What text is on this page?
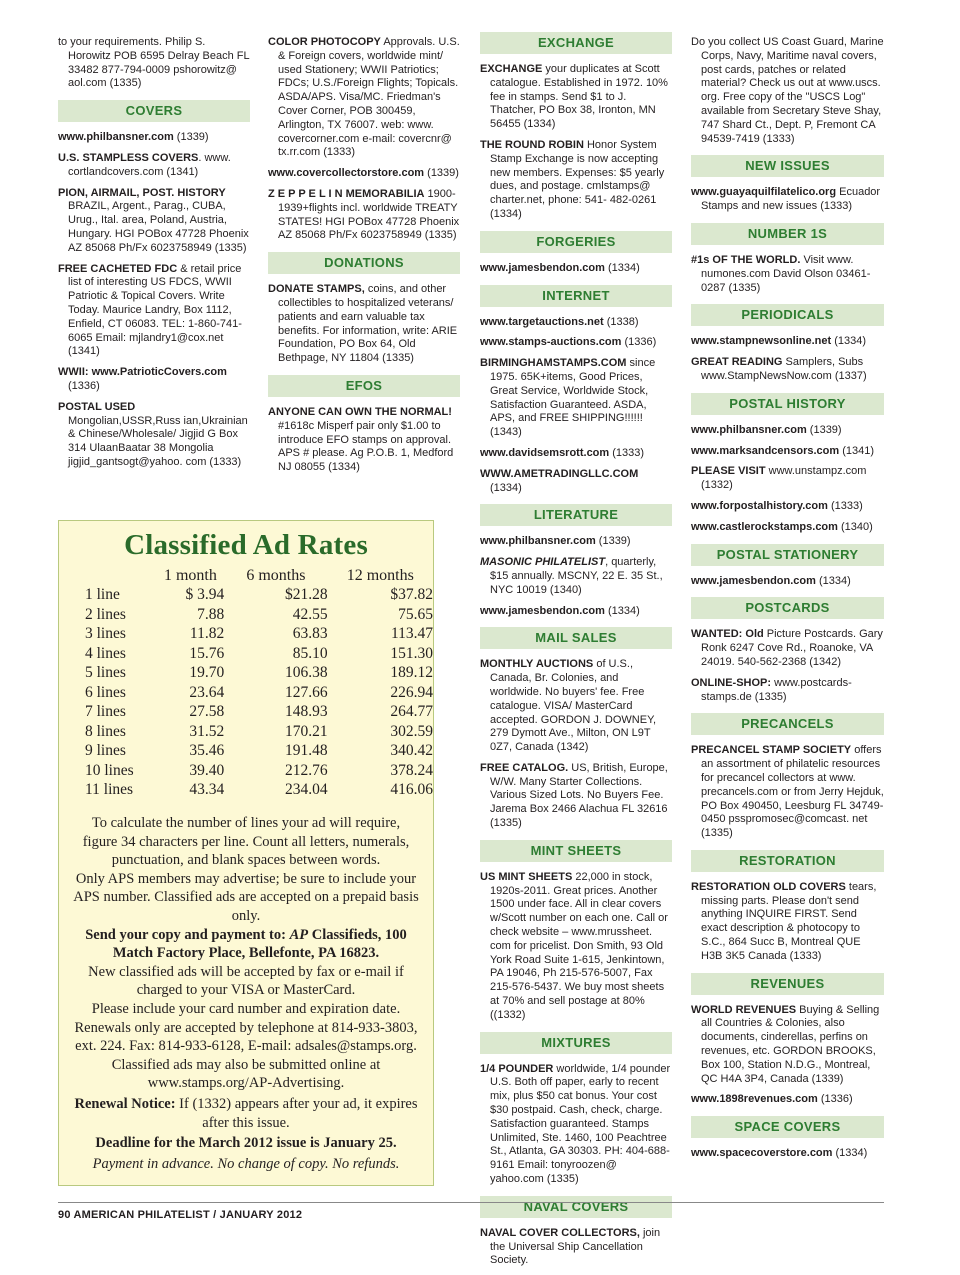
to your requirements. Philip S. Horowitz POB 6595 Delray Beach FL 33482 877-794-0009 pshorowitz@ aol.com (1335)

COVERS

www.philbansner.com (1339)

U.S. STAMPLESS COVERS. www. cortlandcovers.com (1341)

PION, AIRMAIL, POST. HISTORY BRAZIL, Argent., Parag., CUBA, Urug., Ital. area, Poland, Austria, Hungary. HGI POBox 47728 Phoenix AZ 85068 Ph/Fx 6023758949 (1335)

FREE CACHETED FDC & retail price list of interesting US FDCS, WWII Patriotic & Topical Covers. Write Today. Maurice Landry, Box 1112, Enfield, CT 06083. TEL: 1-860-741-6065 Email: mjlandry1@cox.net (1341)

WWII: www.PatrioticCovers.com (1336)

POSTAL USED Mongolian,USSR,Russ ian,Ukrainian & Chinese/Wholesale/ Jigjid G Box 314 UlaanBaatar 38 Mongolia jigjid_gantsogt@yahoo. com (1333)

COLOR PHOTOCOPY Approvals. U.S. & Foreign covers, worldwide mint/ used Stationery; WWII Patriotics; FDCs; U.S./Foreign Flights; Topicals. ASDA/APS. Visa/MC. Friedman's Cover Corner, POB 300459, Arlington, TX 76007. web: www. covercorner.com e-mail: covercnr@ tx.rr.com (1333)

www.covercollectorstore.com (1339)

Z E P P E L I N MEMORABILIA 1900-1939+flights incl. worldwide TREATY STATES! HGI POBox 47728 Phoenix AZ 85068 Ph/Fx 6023758949 (1335)

DONATIONS

DONATE STAMPS, coins, and other collectibles to hospitalized veterans/ patients and earn valuable tax benefits. For information, write: ARIE Foundation, PO Box 64, Old Bethpage, NY 11804 (1335)

EFOS

ANYONE CAN OWN THE NORMAL! #1618c Misperf pair only $1.00 to introduce EFO stamps on approval. APS # please. Ag P.O.B. 1, Medford NJ 08055 (1334)

EXCHANGE

EXCHANGE your duplicates at Scott catalogue. Established in 1972. 10% fee in stamps. Send $1 to J. Thatcher, PO Box 38, Ironton, MN 56455 (1334)

THE ROUND ROBIN Honor System Stamp Exchange is now accepting new members. Expenses: $5 yearly dues, and postage. cmlstamps@ charter.net, phone: 541- 482-0261 (1334)

FORGERIES

www.jamesbendon.com (1334)

INTERNET

www.targetauctions.net (1338)

www.stamps-auctions.com (1336)

BIRMINGHAMSTAMPS.COM since 1975. 65K+items, Good Prices, Great Service, Worldwide Stock, Satisfaction Guaranteed. ASDA, APS, and FREE SHIPPING!!!!!! (1343)

www.davidsemsrott.com (1333)

WWW.AMETRADINGLLC.COM (1334)

LITERATURE

www.philbansner.com (1339)

MASONIC PHILATELIST, quarterly, $15 annually. MSCNY, 22 E. 35 St., NYC 10019 (1340)

www.jamesbendon.com (1334)

MAIL SALES

MONTHLY AUCTIONS of U.S., Canada, Br. Colonies, and worldwide. No buyers' fee. Free catalogue. VISA/ MasterCard accepted. GORDON J. DOWNEY, 279 Dymott Ave., Milton, ON L9T 0Z7, Canada (1342)

FREE CATALOG. US, British, Europe, W/W. Many Starter Collections. Various Sized Lots. No Buyers Fee. Jarema Box 2466 Alachua FL 32616 (1335)

MINT SHEETS

US MINT SHEETS 22,000 in stock, 1920s-2011. Great prices. Another 1500 under face. All in clear covers w/Scott number on each one. Call or check website – www.mrussheet. com for pricelist. Don Smith, 93 Old York Road Suite 1-615, Jenkintown, PA 19046, Ph 215-576-5007, Fax 215-576-5437. We buy most sheets at 70% and sell postage at 80% ((1332)

MIXTURES

1/4 POUNDER worldwide, 1/4 pounder U.S. Both off paper, early to recent mix, plus $50 cat bonus. Your cost $30 postpaid. Cash, check, charge. Satisfaction guaranteed. Stamps Unlimited, Ste. 1460, 100 Peachtree St., Atlanta, GA 30303. PH: 404-688-9161 Email: tonyroozen@ yahoo.com (1335)

NAVAL COVERS

NAVAL COVER COLLECTORS, join the Universal Ship Cancellation Society.

Do you collect US Coast Guard, Marine Corps, Navy, Maritime naval covers, post cards, patches or related material? Check us out at www.uscs. org. Free copy of the "USCS Log" available from Secretary Steve Shay, 747 Shard Ct., Dept. P, Fremont CA 94539-7419 (1333)

NEW ISSUES

www.guayaquilfilatelico.org Ecuador Stamps and new issues (1333)

NUMBER 1S

#1s OF THE WORLD. Visit www. numones.com David Olson 03461-0287 (1335)

PERIODICALS

www.stampnewsonline.net (1334)

GREAT READING Samplers, Subs www.StampNewsNow.com (1337)

POSTAL HISTORY

www.philbansner.com (1339)

www.marksandcensors.com (1341)

PLEASE VISIT www.unstampz.com (1332)

www.forpostalhistory.com (1333)

www.castlerockstamps.com (1340)

POSTAL STATIONERY

www.jamesbendon.com (1334)

POSTCARDS

WANTED: Old Picture Postcards. Gary Ronk 6247 Cove Rd., Roanoke, VA 24019. 540-562-2368 (1342)

ONLINE-SHOP: www.postcards-stamps.de (1335)

PRECANCELS

PRECANCEL STAMP SOCIETY offers an assortment of philatelic resources for precancel collectors at www. precancels.com or from Jerry Hejduk, PO Box 490450, Leesburg FL 34749-0450 psspromosec@comcast. net (1335)

RESTORATION

RESTORATION OLD COVERS tears, missing parts. Please don't send anything INQUIRE FIRST. Send exact description & photocopy to S.C., 864 Succ B, Montreal QUE H3B 3K5 Canada (1333)

REVENUES

WORLD REVENUES Buying & Selling all Countries & Colonies, also documents, cinderellas, perfins on revenues, etc. GORDON BROOKS, Box 100, Station N.D.G., Montreal, QC H4A 3P4, Canada (1339)

www.1898revenues.com (1336)

SPACE COVERS

www.spacecoverstore.com (1334)

Classified Ad Rates
	1 month	6 months	12 months
1 line	$ 3.94	$21.28	$37.82
2 lines	7.88	42.55	75.65
3 lines	11.82	63.83	113.47
4 lines	15.76	85.10	151.30
5 lines	19.70	106.38	189.12
6 lines	23.64	127.66	226.94
7 lines	27.58	148.93	264.77
8 lines	31.52	170.21	302.59
9 lines	35.46	191.48	340.42
10 lines	39.40	212.76	378.24
11 lines	43.34	234.04	416.06

To calculate the number of lines your ad will require, figure 34 characters per line. Count all letters, numerals, punctuation, and blank spaces between words.

Only APS members may advertise; be sure to include your APS number. Classified ads are accepted on a prepaid basis only.

Send your copy and payment to: AP Classifieds, 100 Match Factory Place, Bellefonte, PA 16823.

New classified ads will be accepted by fax or e-mail if charged to your VISA or MasterCard.

Please include your card number and expiration date.

Renewals only are accepted by telephone at 814-933-3803, ext. 224. Fax: 814-933-6128, E-mail: adsales@stamps.org. Classified ads may also be submitted online at www.stamps.org/AP-Advertising.

Renewal Notice: If (1332) appears after your ad, it expires after this issue.

Deadline for the March 2012 issue is January 25.

Payment in advance. No change of copy. No refunds.

90 AMERICAN PHILATELIST / JANUARY 2012
